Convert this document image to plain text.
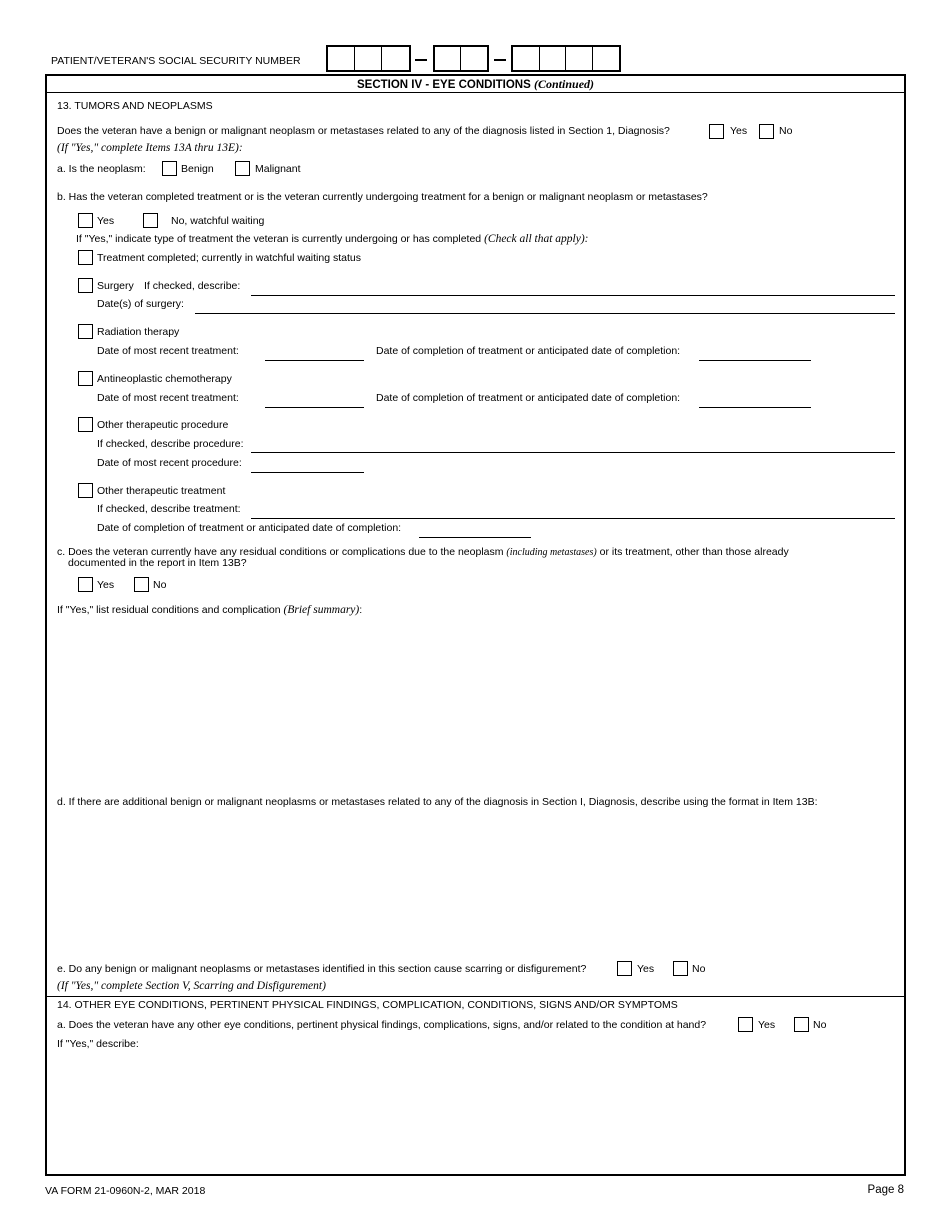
PATIENT/VETERAN'S SOCIAL SECURITY NUMBER
SECTION IV - EYE CONDITIONS (Continued)
13. TUMORS AND NEOPLASMS
Does the veteran have a benign or malignant neoplasm or metastases related to any of the diagnosis listed in Section 1, Diagnosis?	Yes	No
(If "Yes," complete Items 13A thru 13E):
a. Is the neoplasm:	Benign	Malignant
b. Has the veteran completed treatment or is the veteran currently undergoing treatment for a benign or malignant neoplasm or metastases?
Yes	No, watchful waiting
If "Yes," indicate type of treatment the veteran is currently undergoing or has completed (Check all that apply):
Treatment completed; currently in watchful waiting status
Surgery If checked, describe:
Date(s) of surgery:
Radiation therapy
Date of most recent treatment:	Date of completion of treatment or anticipated date of completion:
Antineoplastic chemotherapy
Date of most recent treatment:	Date of completion of treatment or anticipated date of completion:
Other therapeutic procedure
If checked, describe procedure:
Date of most recent procedure:
Other therapeutic treatment
If checked, describe treatment:
Date of completion of treatment or anticipated date of completion:
c. Does the veteran currently have any residual conditions or complications due to the neoplasm (including metastases) or its treatment, other than those already
documented in the report in Item 13B?
Yes	No
If "Yes," list residual conditions and complication (Brief summary):
d. If there are additional benign or malignant neoplasms or metastases related to any of the diagnosis in Section I, Diagnosis, describe using the format in Item 13B:
e. Do any benign or malignant neoplasms or metastases identified in this section cause scarring or disfigurement?	Yes	No
(If "Yes," complete Section V, Scarring and Disfigurement)
14. OTHER EYE CONDITIONS, PERTINENT PHYSICAL FINDINGS, COMPLICATION, CONDITIONS, SIGNS AND/OR SYMPTOMS
a. Does the veteran have any other eye conditions, pertinent physical findings, complications, signs, and/or related to the condition at hand?	Yes	No
If "Yes," describe:
VA FORM 21-0960N-2, MAR 2018	Page 8
